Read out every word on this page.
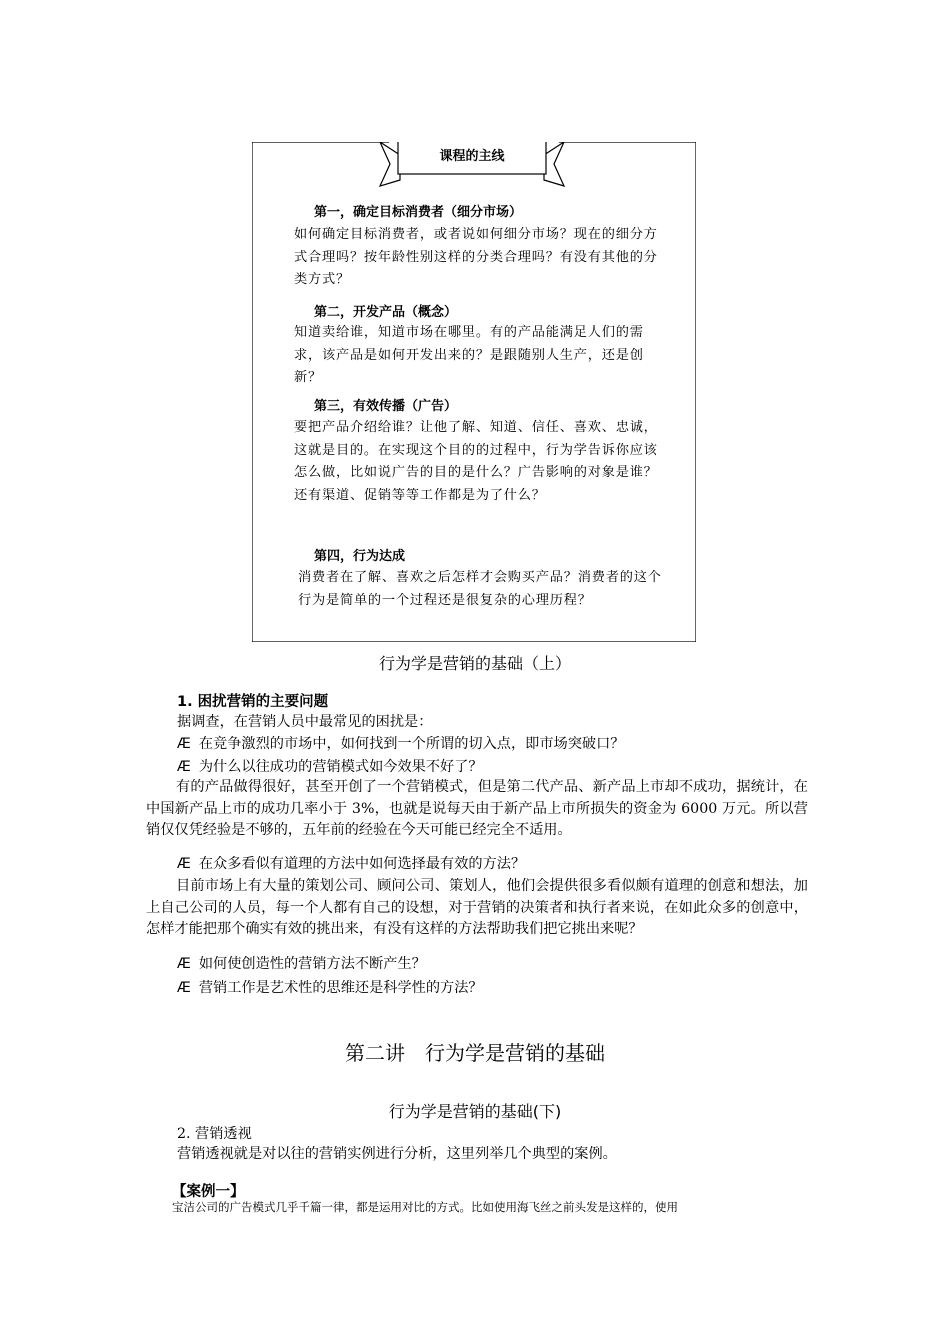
课程的主线
第一，确定目标消费者（细分市场）
如何确定目标消费者，或者说如何细分市场？现在的细分方式合理吗？按年龄性别这样的分类合理吗？有没有其他的分类方式？
第二，开发产品（概念）
知道卖给谁，知道市场在哪里。有的产品能满足人们的需求，该产品是如何开发出来的？是跟随别人生产，还是创新？
第三，有效传播（广告）
要把产品介绍给谁？让他了解、知道、信任、喜欢、忠诚，这就是目的。在实现这个目的的过程中，行为学告诉你应该怎么做，比如说广告的目的是什么？广告影响的对象是谁？还有渠道、促销等等工作都是为了什么？
第四，行为达成
消费者在了解、喜欢之后怎样才会购买产品？消费者的这个行为是简单的一个过程还是很复杂的心理历程？
行为学是营销的基础（上）
1. 困扰营销的主要问题
据调查，在营销人员中最常见的困扰是：
Æ 在竞争激烈的市场中，如何找到一个所谓的切入点，即市场突破口？
Æ 为什么以往成功的营销模式如今效果不好了？
有的产品做得很好，甚至开创了一个营销模式，但是第二代产品、新产品上市却不成功，据统计，在中国新产品上市的成功几率小于 3%，也就是说每天由于新产品上市所损失的资金为 6000 万元。所以营销仅仅凭经验是不够的，五年前的经验在今天可能已经完全不适用。
Æ 在众多看似有道理的方法中如何选择最有效的方法？
目前市场上有大量的策划公司、顾问公司、策划人，他们会提供很多看似颇有道理的创意和想法，加上自己公司的人员，每一个人都有自己的设想，对于营销的决策者和执行者来说，在如此众多的创意中，怎样才能把那个确实有效的挑出来，有没有这样的方法帮助我们把它挑出来呢？
Æ 如何使创造性的营销方法不断产生？
Æ 营销工作是艺术性的思维还是科学性的方法？
第二讲　行为学是营销的基础
行为学是营销的基础(下)
2. 营销透视
营销透视就是对以往的营销实例进行分析，这里列举几个典型的案例。
【案例一】
宝洁公司的广告模式几乎千篇一律，都是运用对比的方式。比如使用海飞丝之前头发是这样的，使用
